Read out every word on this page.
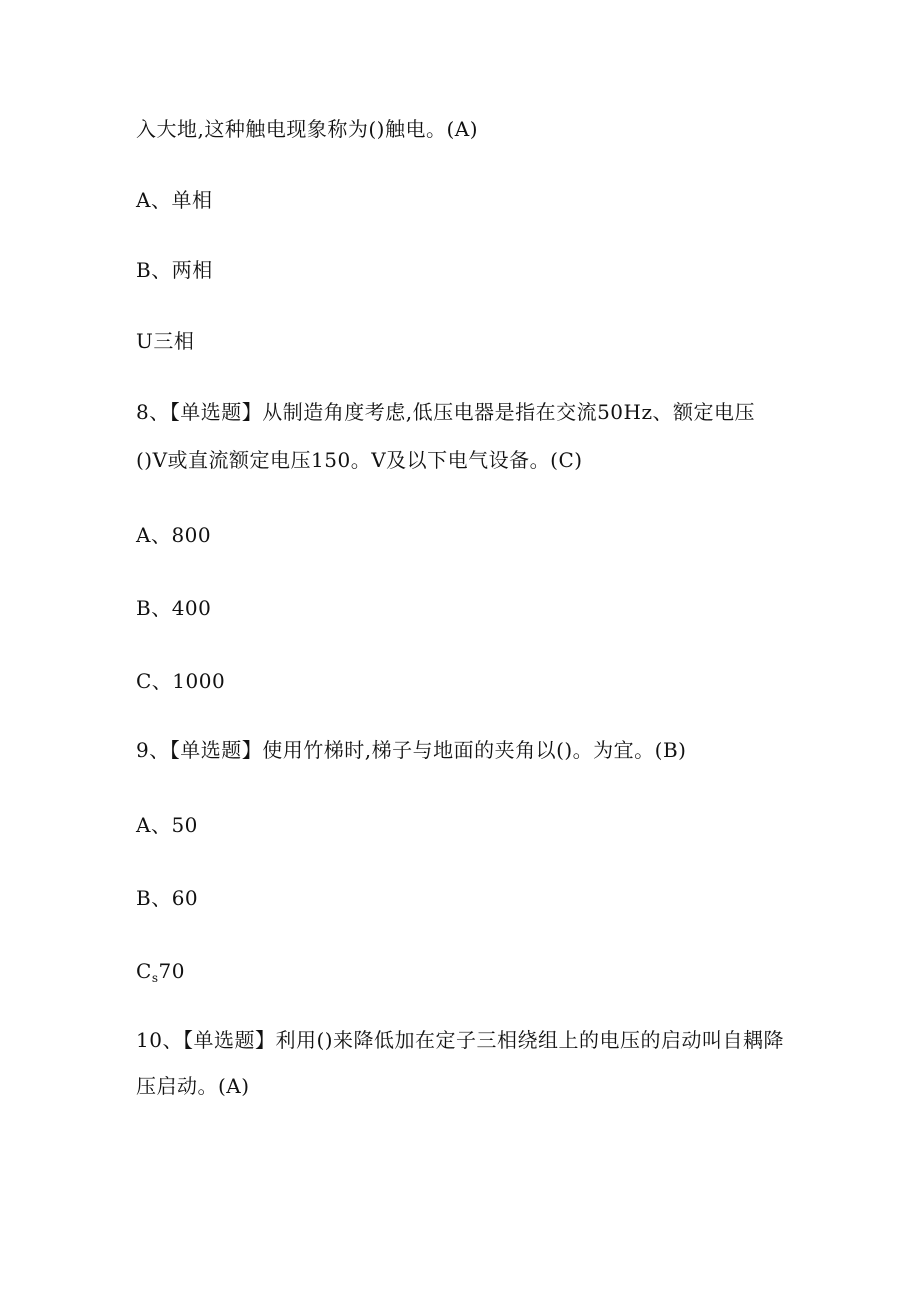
入大地,这种触电现象称为()触电。(A)
A、单相
B、两相
U三相
8、【单选题】从制造角度考虑,低压电器是指在交流50Hz、额定电压
()V或直流额定电压150。V及以下电气设备。(C)
A、800
B、400
C、1000
9、【单选题】使用竹梯时,梯子与地面的夹角以()。为宜。(B)
A、50
B、60
$C_s70$
10、【单选题】利用()来降低加在定子三相绕组上的电压的启动叫自耦降
压启动。(A)
